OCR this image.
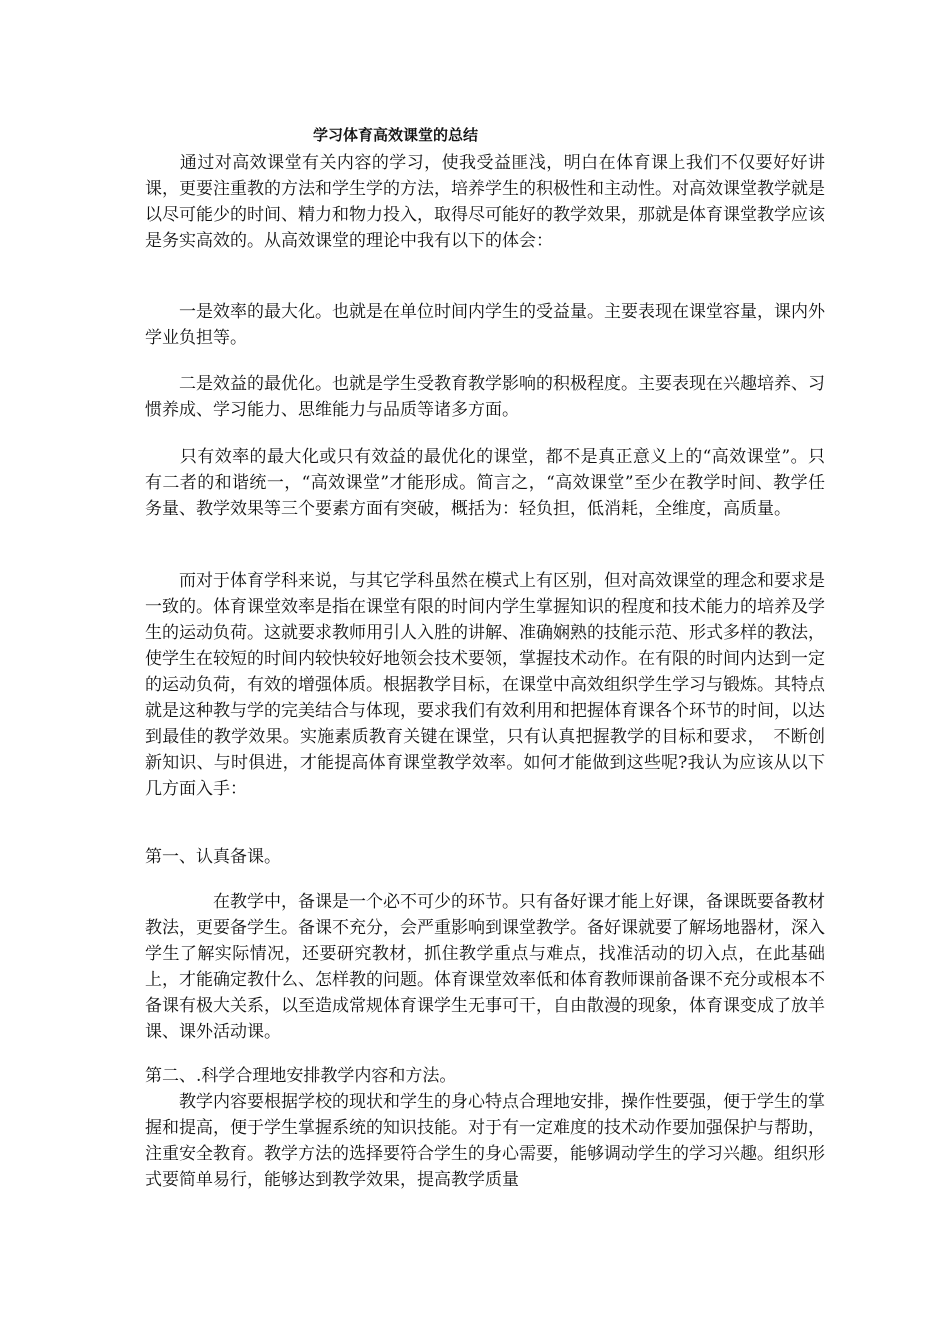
学习体育高效课堂的总结
　　通过对高效课堂有关内容的学习，使我受益匪浅，明白在体育课上我们不仅要好好讲课，更要注重教的方法和学生学的方法，培养学生的积极性和主动性。对高效课堂教学就是以尽可能少的时间、精力和物力投入，取得尽可能好的教学效果，那就是体育课堂教学应该是务实高效的。从高效课堂的理论中我有以下的体会：
　　一是效率的最大化。也就是在单位时间内学生的受益量。主要表现在课堂容量，课内外学业负担等。
　　二是效益的最优化。也就是学生受教育教学影响的积极程度。主要表现在兴趣培养、习惯养成、学习能力、思维能力与品质等诸多方面。
　　只有效率的最大化或只有效益的最优化的课堂，都不是真正意义上的“高效课堂”。只有二者的和谐统一，“高效课堂”才能形成。简言之，“高效课堂”至少在教学时间、教学任务量、教学效果等三个要素方面有突破，概括为：轻负担，低消耗，全维度，高质量。
　　而对于体育学科来说，与其它学科虽然在模式上有区别，但对高效课堂的理念和要求是一致的。体育课堂效率是指在课堂有限的时间内学生掌握知识的程度和技术能力的培养及学生的运动负荷。这就要求教师用引人入胜的讲解、准确娴熟的技能示范、形式多样的教法，使学生在较短的时间内较快较好地领会技术要领，掌握技术动作。在有限的时间内达到一定的运动负荷，有效的增强体质。根据教学目标，在课堂中高效组织学生学习与锻炼。其特点就是这种教与学的完美结合与体现，要求我们有效利用和把握体育课各个环节的时间，以达到最佳的教学效果。实施素质教育关键在课堂，只有认真把握教学的目标和要求，　不断创新知识、与时俱进，才能提高体育课堂教学效率。如何才能做到这些呢?我认为应该从以下几方面入手：
第一、认真备课。
　　　　在教学中，备课是一个必不可少的环节。只有备好课才能上好课，备课既要备教材教法，更要备学生。备课不充分，会严重影响到课堂教学。备好课就要了解场地器材，深入学生了解实际情况，还要研究教材，抓住教学重点与难点，找准活动的切入点，在此基础上，才能确定教什么、怎样教的问题。体育课堂效率低和体育教师课前备课不充分或根本不备课有极大关系，以至造成常规体育课学生无事可干，自由散漫的现象，体育课变成了放羊课、课外活动课。
第二、.科学合理地安排教学内容和方法。
　　教学内容要根据学校的现状和学生的身心特点合理地安排，操作性要强，便于学生的掌握和提高，便于学生掌握系统的知识技能。对于有一定难度的技术动作要加强保护与帮助，注重安全教育。教学方法的选择要符合学生的身心需要，能够调动学生的学习兴趣。组织形式要简单易行，能够达到教学效果，提高教学质量
